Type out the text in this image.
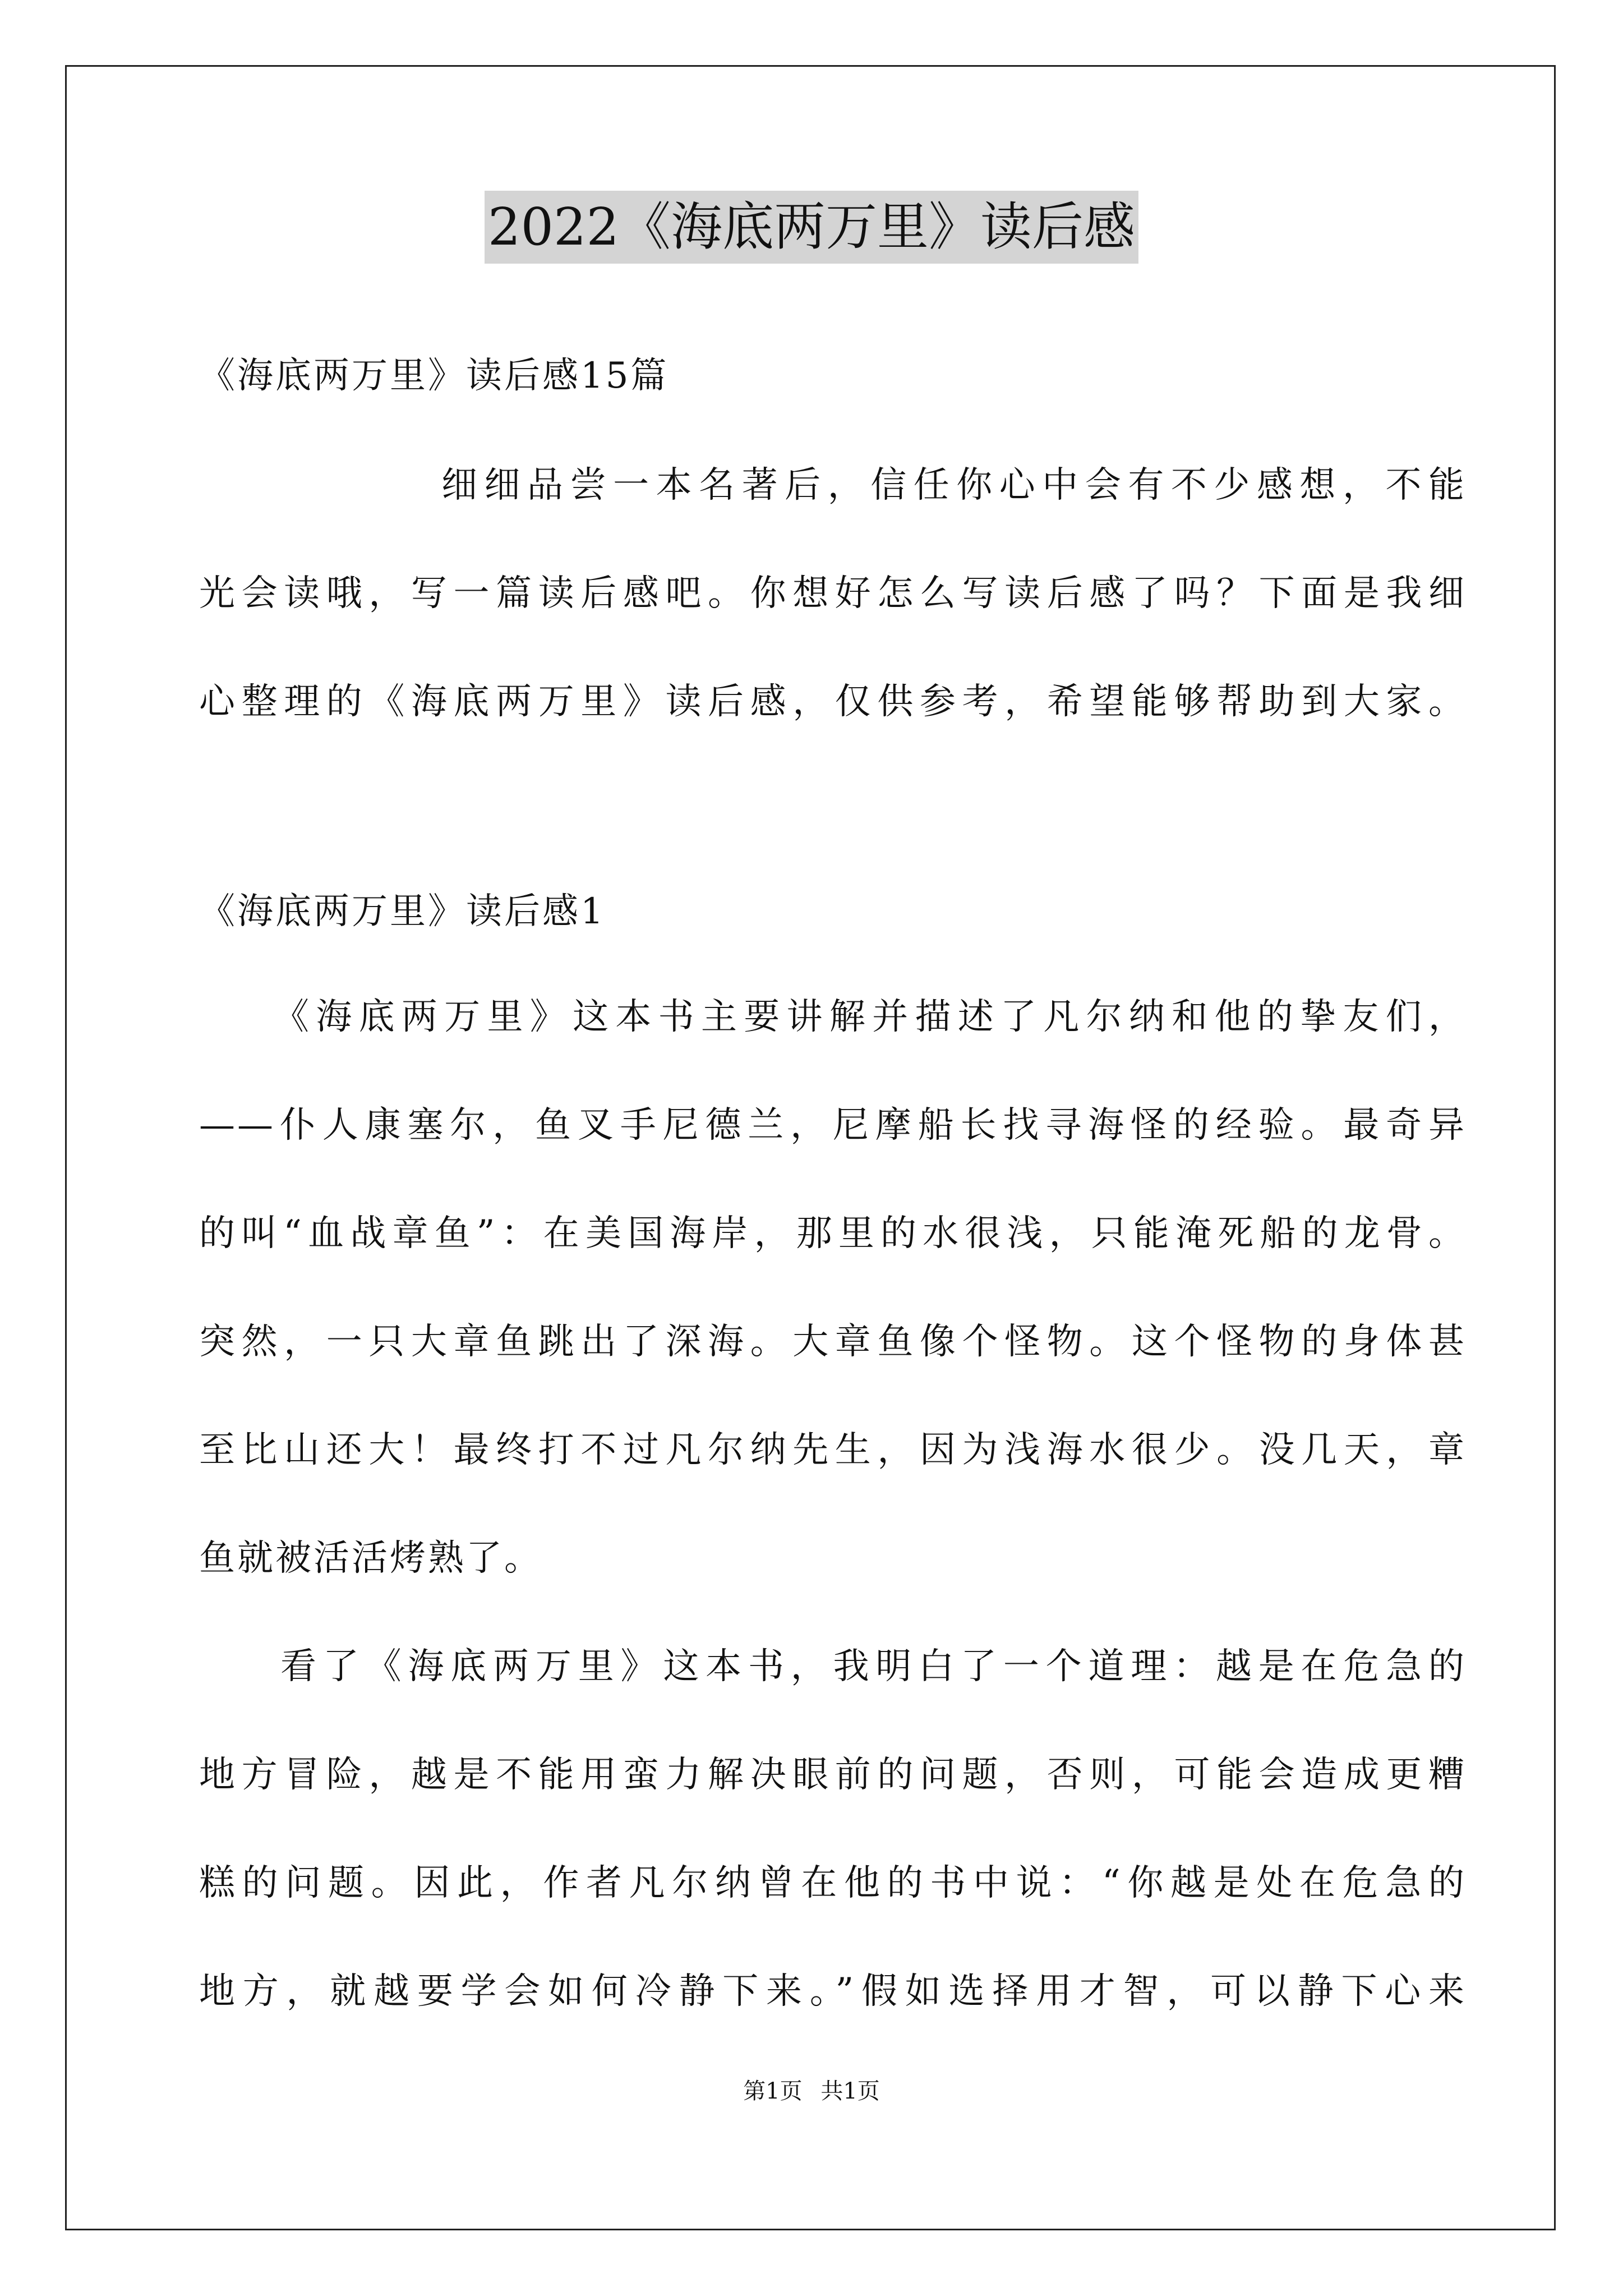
2022《海底两万里》读后感
《海底两万里》读后感15篇
细细品尝一本名著后，信任你心中会有不少感想，不能
光会读哦，写一篇读后感吧。你想好怎么写读后感了吗？下面是我细
心整理的《海底两万里》读后感，仅供参考，希望能够帮助到大家。
《海底两万里》读后感1
《海底两万里》这本书主要讲解并描述了凡尔纳和他的挚友们，
——仆人康塞尔，鱼叉手尼德兰，尼摩船长找寻海怪的经验。最奇异
的叫“血战章鱼”：在美国海岸，那里的水很浅，只能淹死船的龙骨。
突然，一只大章鱼跳出了深海。大章鱼像个怪物。这个怪物的身体甚
至比山还大！最终打不过凡尔纳先生，因为浅海水很少。没几天，章
鱼就被活活烤熟了。
看了《海底两万里》这本书，我明白了一个道理：越是在危急的
地方冒险，越是不能用蛮力解决眼前的问题，否则，可能会造成更糟
糕的问题。因此，作者凡尔纳曾在他的书中说：“你越是处在危急的
地方，就越要学会如何冷静下来。”假如选择用才智，可以静下心来
第1页 共1页
